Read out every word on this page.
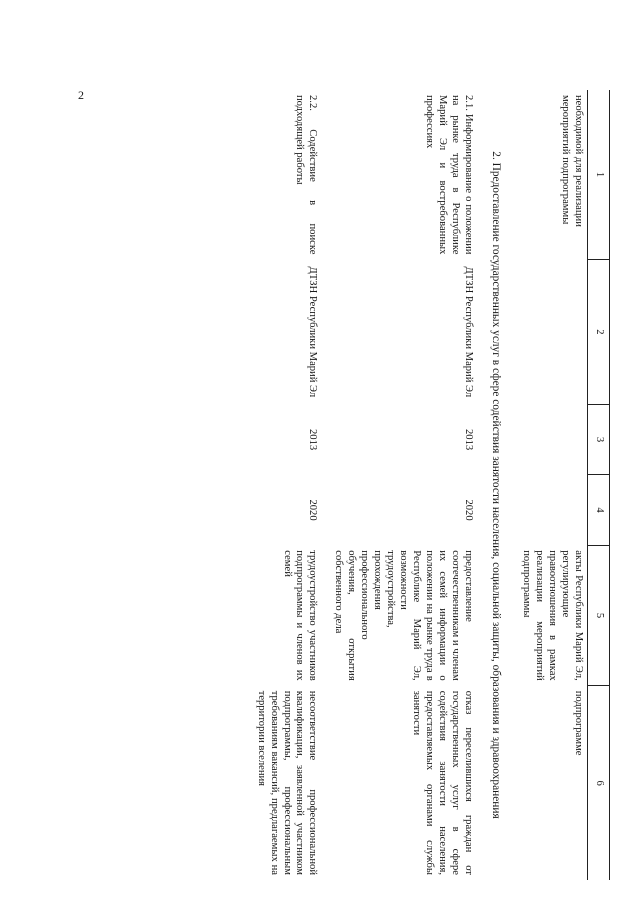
2
1	2	3	4	5	6
необходимой для реализации мероприятий подпрограммы				акты Республики Марий Эл, регулирующие правоотношения в рамках реализации мероприятий подпрограммы	подпрограмме
2. Предоставление государственных услуг в сфере содействия занятости населения, социальной защиты, образования и здравоохранения					
2.1. Информирование о положении на рынке труда в Республике Марий Эл и востребованных профессиях	ДТЗН Республики Марий Эл	2013	2020	предоставление соотечественникам и членам их семей информации о положении на рынке труда в Республике Марий Эл, возможности трудоустройства, прохождения профессионального обучения, открытия собственного дела	отказ переселившихся граждан от государственных услуг в сфере содействия занятости населения, предоставляемых органами службы занятости
2.2. Содействие в поиске подходящей работы	ДТЗН Республики Марий Эл	2013	2020	трудоустройство участников подпрограммы и членов их семей	несоответствие профессиональной квалификации, заявленной участником подпрограммы, профессиональным требованиям вакансий, предлагаемых на территории вселения
